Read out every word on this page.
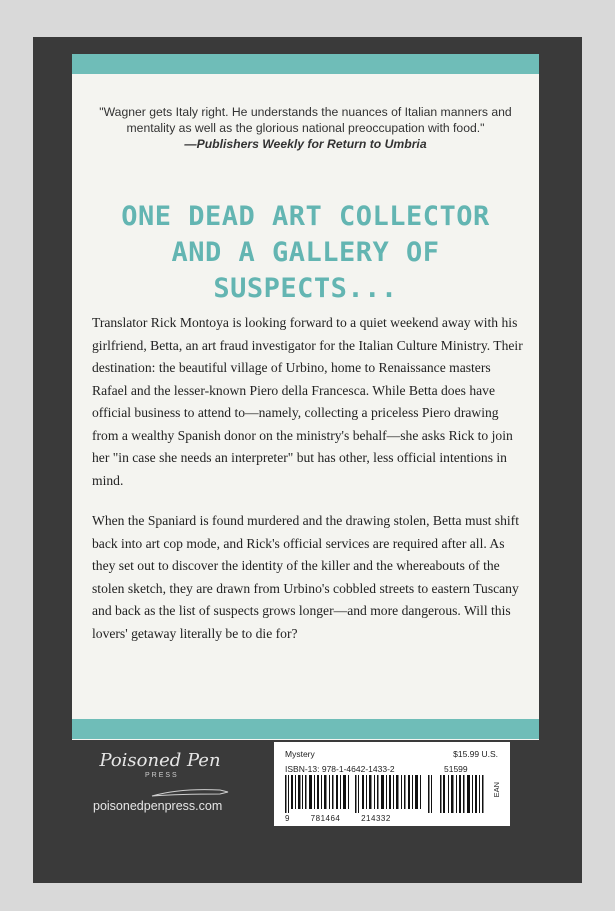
"Wagner gets Italy right. He understands the nuances of Italian manners and mentality as well as the glorious national preoccupation with food."
—Publishers Weekly for Return to Umbria
ONE DEAD ART COLLECTOR
AND A GALLERY OF SUSPECTS...

Translator Rick Montoya is looking forward to a quiet weekend away with his girlfriend, Betta, an art fraud investigator for the Italian Culture Ministry. Their destination: the beautiful village of Urbino, home to Renaissance masters Rafael and the lesser-known Piero della Francesca. While Betta does have official business to attend to—namely, collecting a priceless Piero drawing from a wealthy Spanish donor on the ministry's behalf—she asks Rick to join her "in case she needs an interpreter" but has other, less official intentions in mind.

When the Spaniard is found murdered and the drawing stolen, Betta must shift back into art cop mode, and Rick's official services are required after all. As they set out to discover the identity of the killer and the whereabouts of the stolen sketch, they are drawn from Urbino's cobbled streets to eastern Tuscany and back as the list of suspects grows longer—and more dangerous. Will this lovers' getaway literally be to die for?

Poisoned Pen
PRESS
poisonedpenpress.com
Mystery	$15.99 U.S.
ISBN-13: 978-1-4642-1433-2	51599
EAN
9 781464 214332
